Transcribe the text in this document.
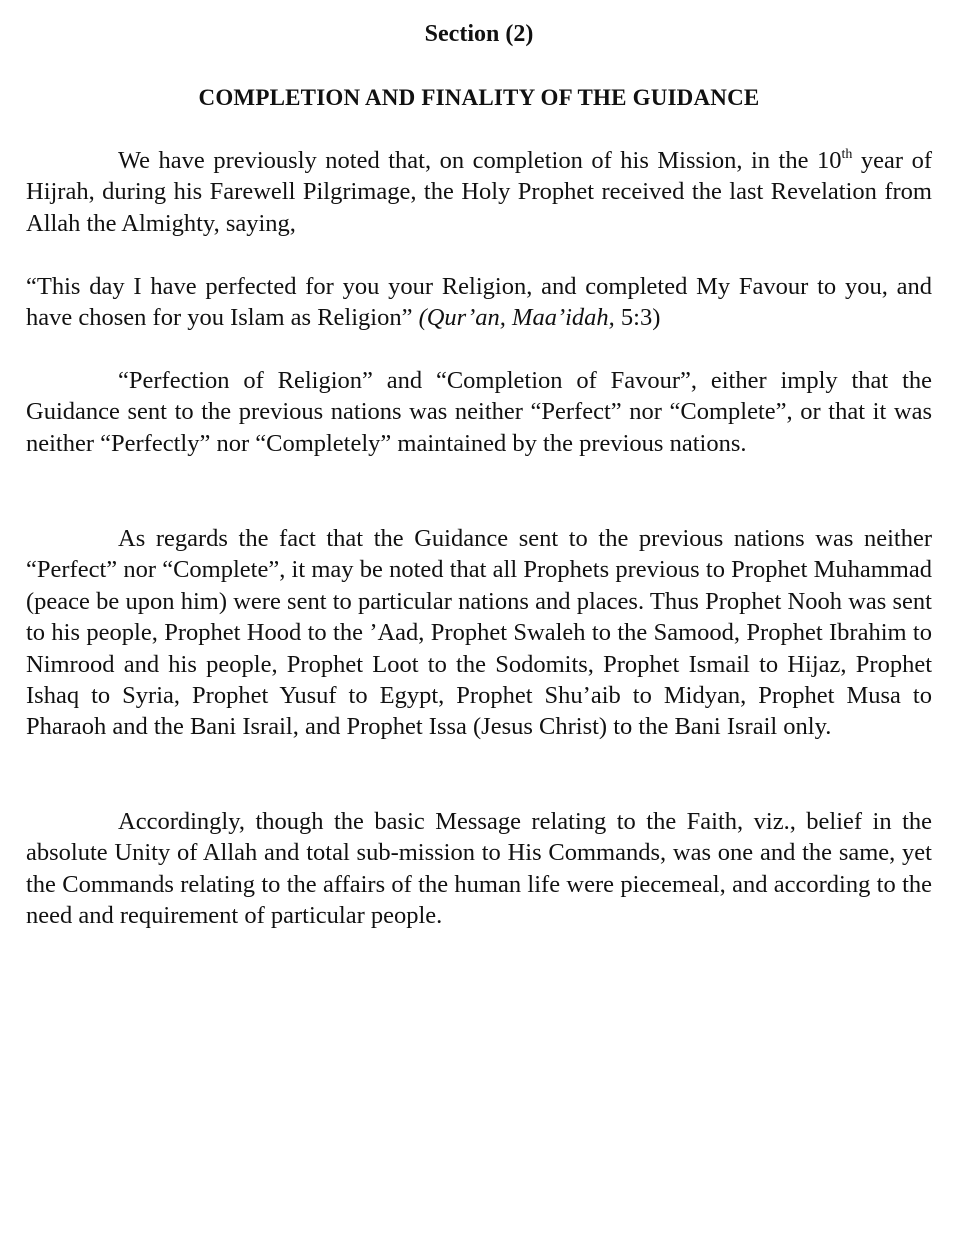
Section (2)
COMPLETION AND FINALITY OF THE GUIDANCE

We have previously noted that, on completion of his Mission, in the 10th year of Hijrah, during his Farewell Pilgrimage, the Holy Prophet received the last Revelation from Allah the Almighty, saying,

“This day I have perfected for you your Religion, and completed My Favour to you, and have chosen for you Islam as Religion” (Qur’an, Maa’idah, 5:3)

“Perfection of Religion” and “Completion of Favour”, either imply that the Guidance sent to the previous nations was neither “Perfect” nor “Complete”, or that it was neither “Perfectly” nor “Completely” maintained by the previous nations.

As regards the fact that the Guidance sent to the previous nations was neither “Perfect” nor “Complete”, it may be noted that all Prophets previous to Prophet Muhammad (peace be upon him) were sent to particular nations and places. Thus Prophet Nooh was sent to his people, Prophet Hood to the ’Aad, Prophet Swaleh to the Samood, Prophet Ibrahim to Nimrood and his people, Prophet Loot to the Sodomits, Prophet Ismail to Hijaz, Prophet Ishaq to Syria, Prophet Yusuf to Egypt, Prophet Shu’aib to Midyan, Prophet Musa to Pharaoh and the Bani Israil, and Prophet Issa (Jesus Christ) to the Bani Israil only.

Accordingly, though the basic Message relating to the Faith, viz., belief in the absolute Unity of Allah and total sub-mission to His Commands, was one and the same, yet the Commands relating to the affairs of the human life were piecemeal, and according to the need and requirement of particular people.
